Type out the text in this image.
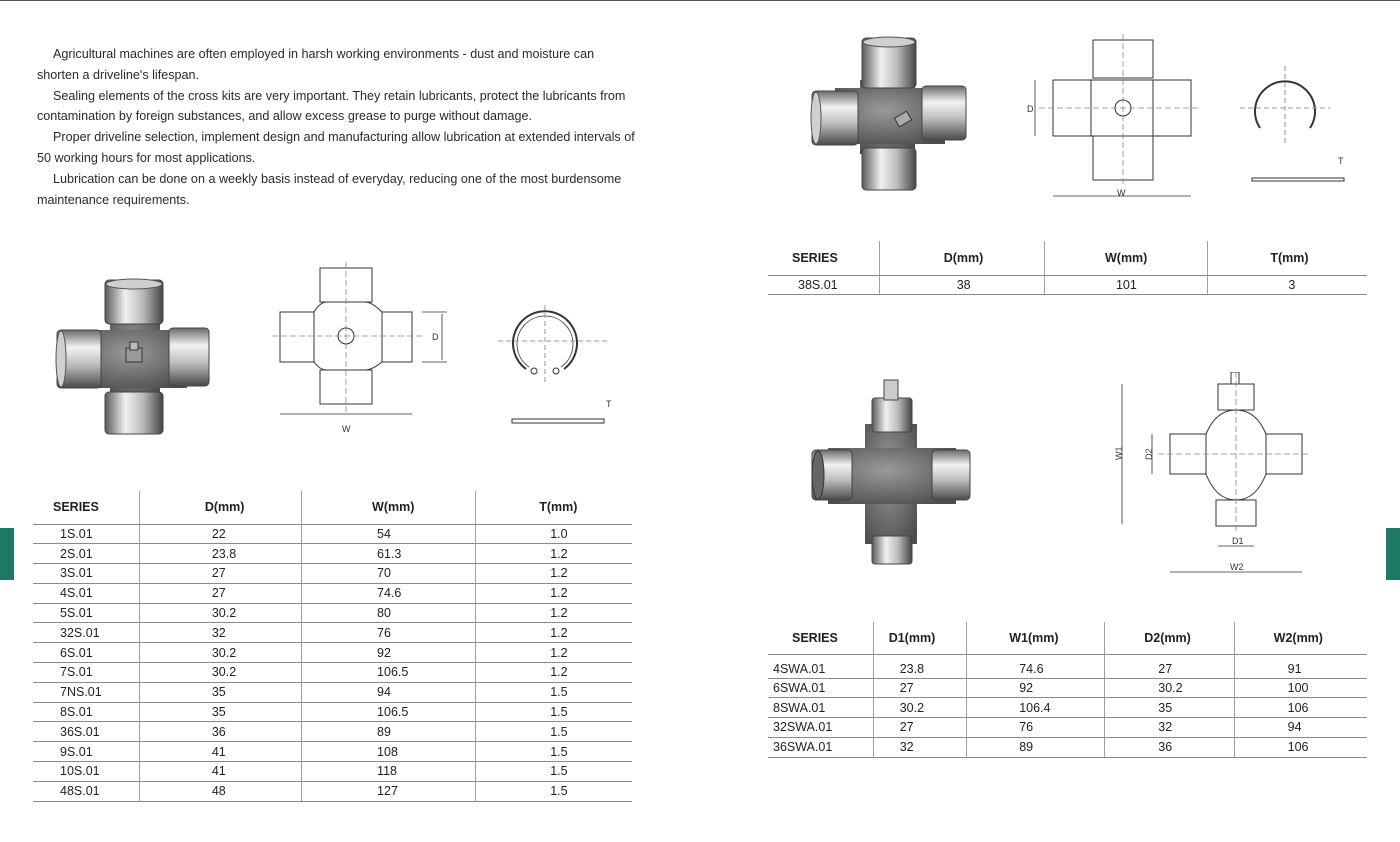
Agricultural machines are often employed in harsh working environments - dust and moisture can shorten a driveline's lifespan.

Sealing elements of the cross kits are very important. They retain lubricants, protect the lubricants from contamination by foreign substances, and allow excess grease to purge without damage.

Proper driveline selection, implement design and manufacturing allow lubrication at extended intervals of 50 working hours for most applications.

Lubrication can be done on a weekly basis instead of everyday, reducing one of the most burdensome maintenance requirements.

W
D
T
SERIES	D(mm)	W(mm)	T(mm)
1S.01	22	54	1.0
2S.01	23.8	61.3	1.2
3S.01	27	70	1.2
4S.01	27	74.6	1.2
5S.01	30.2	80	1.2
32S.01	32	76	1.2
6S.01	30.2	92	1.2
7S.01	30.2	106.5	1.2
7NS.01	35	94	1.5
8S.01	35	106.5	1.5
36S.01	36	89	1.5
9S.01	41	108	1.5
10S.01	41	118	1.5
48S.01	48	127	1.5
W
D
T
SERIES	D(mm)	W(mm)	T(mm)
38S.01	38	101	3
W1 D2
D1
W2
SERIES	D1(mm)	W1(mm)	D2(mm)	W2(mm)
4SWA.01	23.8	74.6	27	91
6SWA.01	27	92	30.2	100
8SWA.01	30.2	106.4	35	106
32SWA.01	27	76	32	94
36SWA.01	32	89	36	106
